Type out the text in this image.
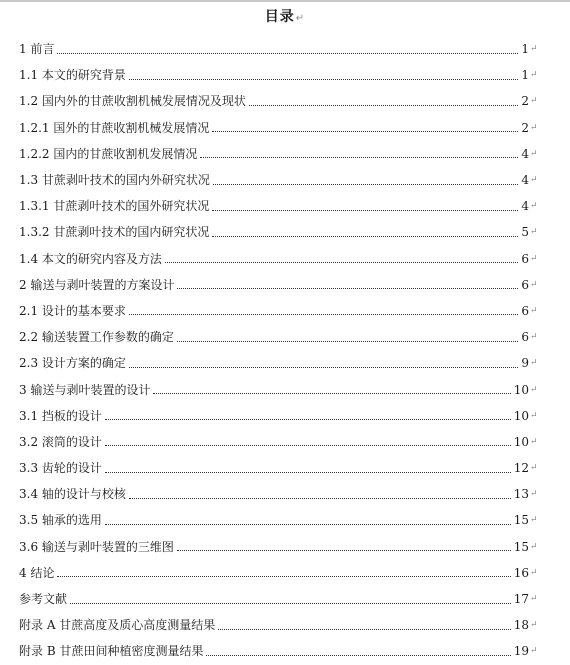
目录↵
1 前言	1 ↵
1.1 本文的研究背景	1 ↵
1.2 国内外的甘蔗收割机械发展情况及现状	2 ↵
1.2.1 国外的甘蔗收割机械发展情况	2 ↵
1.2.2 国内的甘蔗收割机发展情况	4 ↵
1.3 甘蔗剥叶技术的国内外研究状况	4 ↵
1.3.1 甘蔗剥叶技术的国外研究状况	4 ↵
1.3.2 甘蔗剥叶技术的国内研究状况	5 ↵
1.4 本文的研究内容及方法	6 ↵
2 输送与剥叶装置的方案设计	6 ↵
2.1 设计的基本要求	6 ↵
2.2 输送装置工作参数的确定	6 ↵
2.3 设计方案的确定	9 ↵
3 输送与剥叶装置的设计	10 ↵
3.1 挡板的设计	10 ↵
3.2 滚筒的设计	10 ↵
3.3 齿轮的设计	12 ↵
3.4 轴的设计与校核	13 ↵
3.5 轴承的选用	15 ↵
3.6 输送与剥叶装置的三维图	15 ↵
4 结论	16 ↵
参考文献	17 ↵
附录 A 甘蔗高度及质心高度测量结果	18 ↵
附录 B 甘蔗田间种植密度测量结果	19 ↵
